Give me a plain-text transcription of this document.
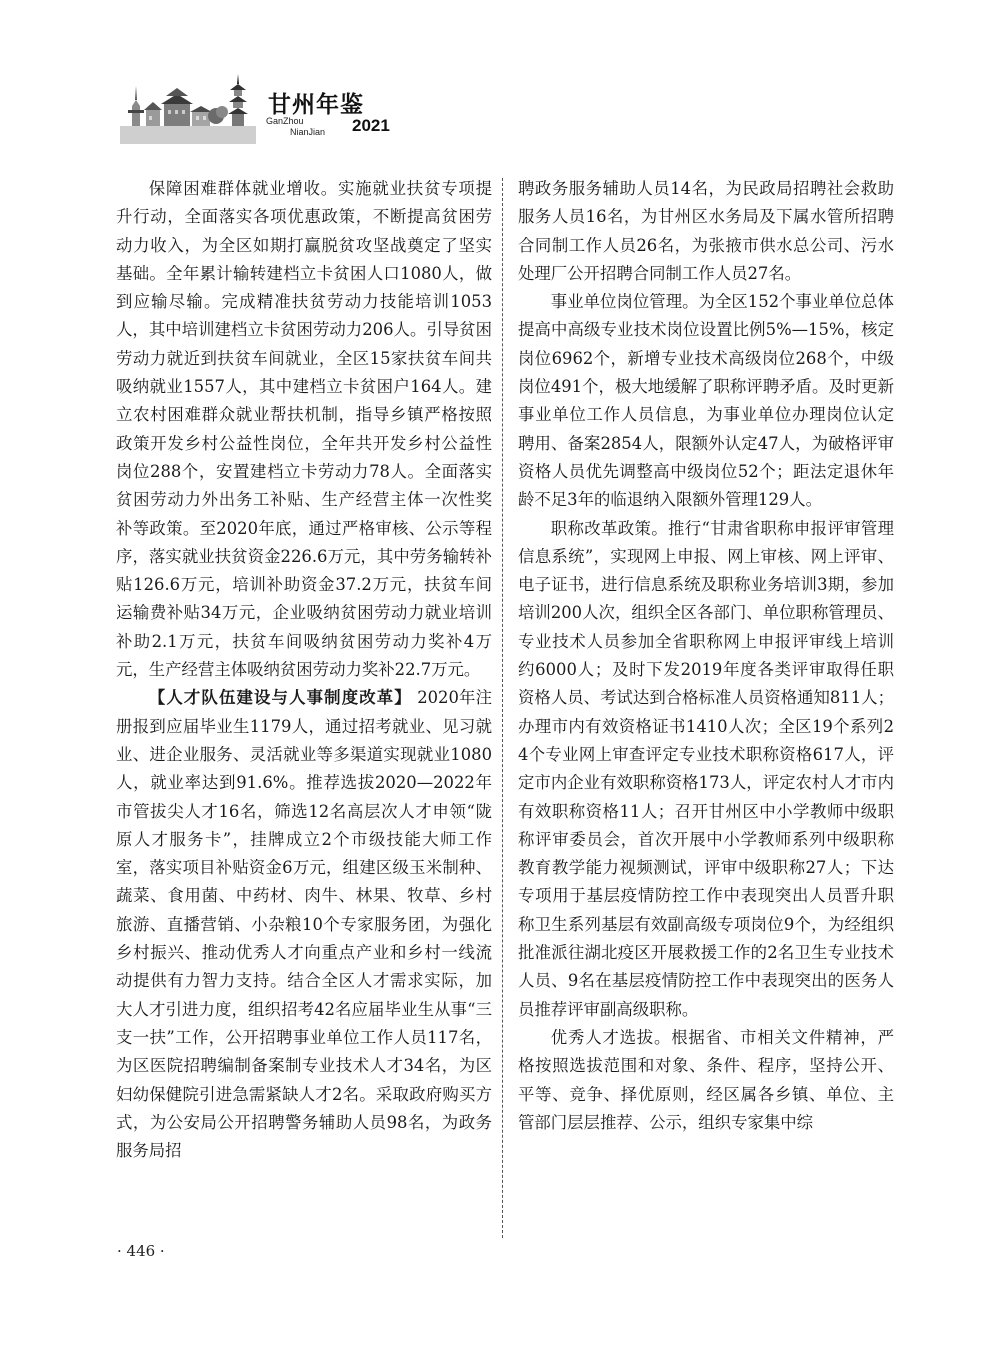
甘州年鉴
GanZhou
NianJian 2021

保障困难群体就业增收。实施就业扶贫专项提升行动，全面落实各项优惠政策，不断提高贫困劳动力收入，为全区如期打赢脱贫攻坚战奠定了坚实基础。全年累计输转建档立卡贫困人口1080人，做到应输尽输。完成精准扶贫劳动力技能培训1053人，其中培训建档立卡贫困劳动力206人。引导贫困劳动力就近到扶贫车间就业，全区15家扶贫车间共吸纳就业1557人，其中建档立卡贫困户164人。建立农村困难群众就业帮扶机制，指导乡镇严格按照政策开发乡村公益性岗位，全年共开发乡村公益性岗位288个，安置建档立卡劳动力78人。全面落实贫困劳动力外出务工补贴、生产经营主体一次性奖补等政策。至2020年底，通过严格审核、公示等程序，落实就业扶贫资金226.6万元，其中劳务输转补贴126.6万元，培训补助资金37.2万元，扶贫车间运输费补贴34万元，企业吸纳贫困劳动力就业培训补助2.1万元，扶贫车间吸纳贫困劳动力奖补4万元，生产经营主体吸纳贫困劳动力奖补22.7万元。

【人才队伍建设与人事制度改革】 2020年注册报到应届毕业生1179人，通过招考就业、见习就业、进企业服务、灵活就业等多渠道实现就业1080人，就业率达到91.6%。推荐选拔2020—2022年市管拔尖人才16名，筛选12名高层次人才申领“陇原人才服务卡”，挂牌成立2个市级技能大师工作室，落实项目补贴资金6万元，组建区级玉米制种、蔬菜、食用菌、中药材、肉牛、林果、牧草、乡村旅游、直播营销、小杂粮10个专家服务团，为强化乡村振兴、推动优秀人才向重点产业和乡村一线流动提供有力智力支持。结合全区人才需求实际，加大人才引进力度，组织招考42名应届毕业生从事“三支一扶”工作，公开招聘事业单位工作人员117名，为区医院招聘编制备案制专业技术人才34名，为区妇幼保健院引进急需紧缺人才2名。采取政府购买方式，为公安局公开招聘警务辅助人员98名，为政务服务局招

聘政务服务辅助人员14名，为民政局招聘社会救助服务人员16名，为甘州区水务局及下属水管所招聘合同制工作人员26名，为张掖市供水总公司、污水处理厂公开招聘合同制工作人员27名。

事业单位岗位管理。为全区152个事业单位总体提高中高级专业技术岗位设置比例5%—15%，核定岗位6962个，新增专业技术高级岗位268个，中级岗位491个，极大地缓解了职称评聘矛盾。及时更新事业单位工作人员信息，为事业单位办理岗位认定聘用、备案2854人，限额外认定47人，为破格评审资格人员优先调整高中级岗位52个；距法定退休年龄不足3年的临退纳入限额外管理129人。

职称改革政策。推行“甘肃省职称申报评审管理信息系统”，实现网上申报、网上审核、网上评审、电子证书，进行信息系统及职称业务培训3期，参加培训200人次，组织全区各部门、单位职称管理员、专业技术人员参加全省职称网上申报评审线上培训约6000人；及时下发2019年度各类评审取得任职资格人员、考试达到合格标准人员资格通知811人；办理市内有效资格证书1410人次；全区19个系列24个专业网上审查评定专业技术职称资格617人，评定市内企业有效职称资格173人，评定农村人才市内有效职称资格11人；召开甘州区中小学教师中级职称评审委员会，首次开展中小学教师系列中级职称教育教学能力视频测试，评审中级职称27人；下达专项用于基层疫情防控工作中表现突出人员晋升职称卫生系列基层有效副高级专项岗位9个，为经组织批准派往湖北疫区开展救援工作的2名卫生专业技术人员、9名在基层疫情防控工作中表现突出的医务人员推荐评审副高级职称。

优秀人才选拔。根据省、市相关文件精神，严格按照选拔范围和对象、条件、程序，坚持公开、平等、竞争、择优原则，经区属各乡镇、单位、主管部门层层推荐、公示，组织专家集中综

· 446 ·
